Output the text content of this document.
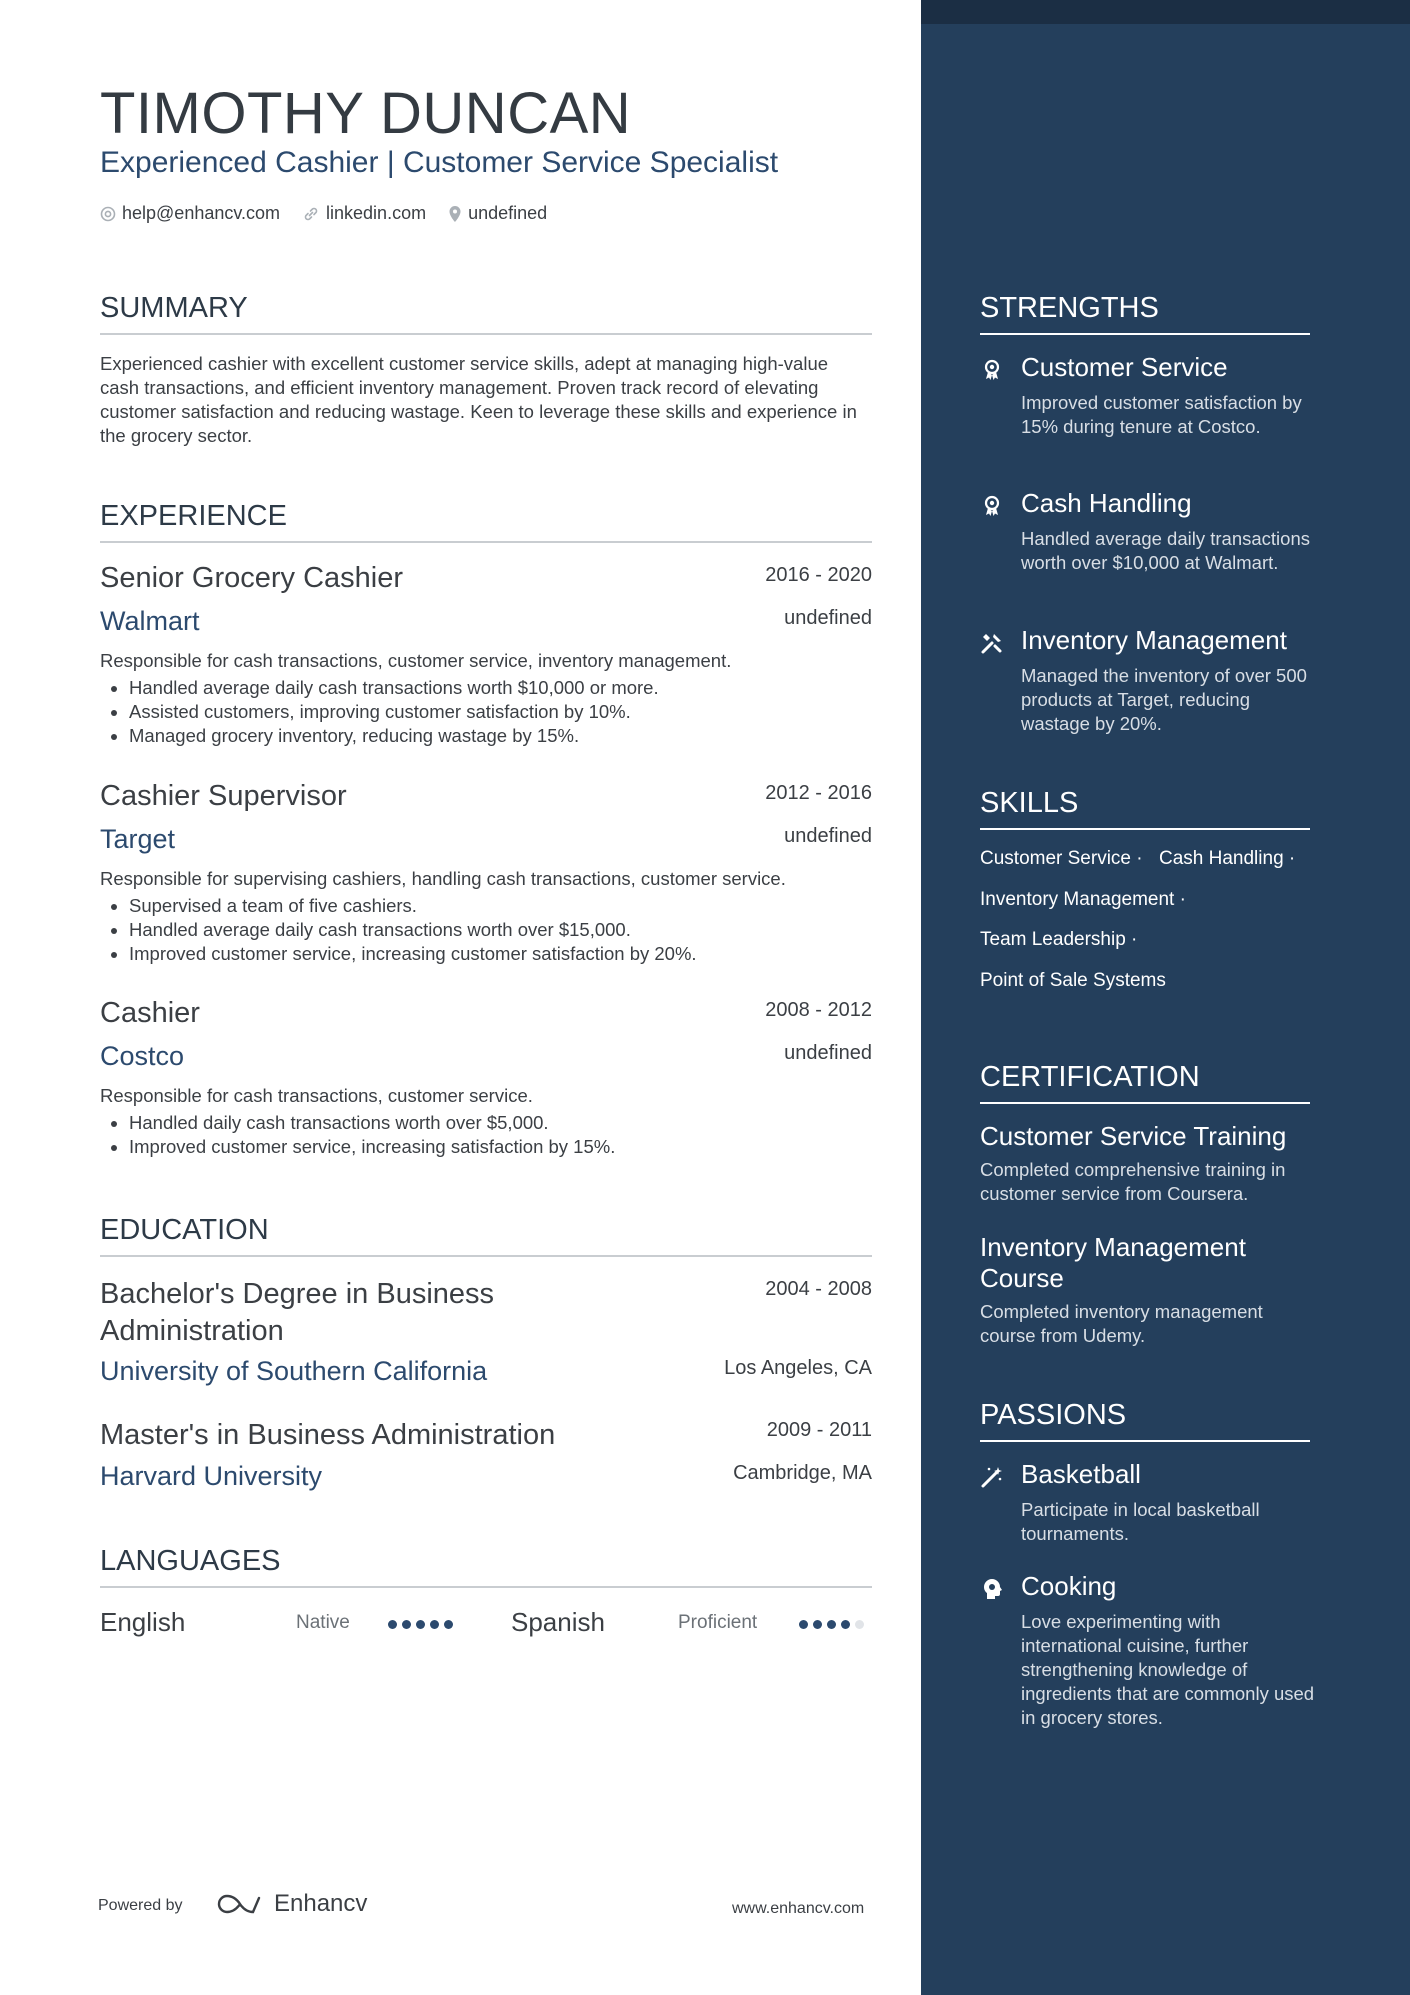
TIMOTHY DUNCAN
Experienced Cashier | Customer Service Specialist
help@enhancv.com	linkedin.com undefined
SUMMARY
Experienced cashier with excellent customer service skills, adept at managing high-value cash transactions, and efficient inventory management. Proven track record of elevating customer satisfaction and reducing wastage. Keen to leverage these skills and experience in the grocery sector.
EXPERIENCE
Senior Grocery Cashier	2016 - 2020
Walmart	undefined
Responsible for cash transactions, customer service, inventory management.
• Handled average daily cash transactions worth $10,000 or more.
• Assisted customers, improving customer satisfaction by 10%.
• Managed grocery inventory, reducing wastage by 15%.
Cashier Supervisor	2012 - 2016
Target	undefined
Responsible for supervising cashiers, handling cash transactions, customer service.
• Supervised a team of five cashiers.
• Handled average daily cash transactions worth over $15,000.
• Improved customer service, increasing customer satisfaction by 20%.
Cashier	2008 - 2012
Costco	undefined
Responsible for cash transactions, customer service.
• Handled daily cash transactions worth over $5,000.
• Improved customer service, increasing satisfaction by 15%.
EDUCATION
Bachelor's Degree in Business Administration
2004 - 2008
University of Southern California	Los Angeles, CA
Master's in Business Administration	2009 - 2011
Harvard University	Cambridge, MA
LANGUAGES
English	Native	Spanish	Proficient
Powered by	Enhancv	www.enhancv.com
STRENGTHS
Customer Service
Improved customer satisfaction by 15% during tenure at Costco.
Cash Handling
Handled average daily transactions worth over $10,000 at Walmart.
Inventory Management
Managed the inventory of over 500 products at Target, reducing wastage by 20%.
SKILLS
Customer Service · Cash Handling ·
Inventory Management ·
Team Leadership ·
Point of Sale Systems
CERTIFICATION
Customer Service Training
Completed comprehensive training in customer service from Coursera.
Inventory Management Course
Completed inventory management course from Udemy.
PASSIONS
Basketball
Participate in local basketball tournaments.
Cooking
Love experimenting with international cuisine, further strengthening knowledge of ingredients that are commonly used in grocery stores.
